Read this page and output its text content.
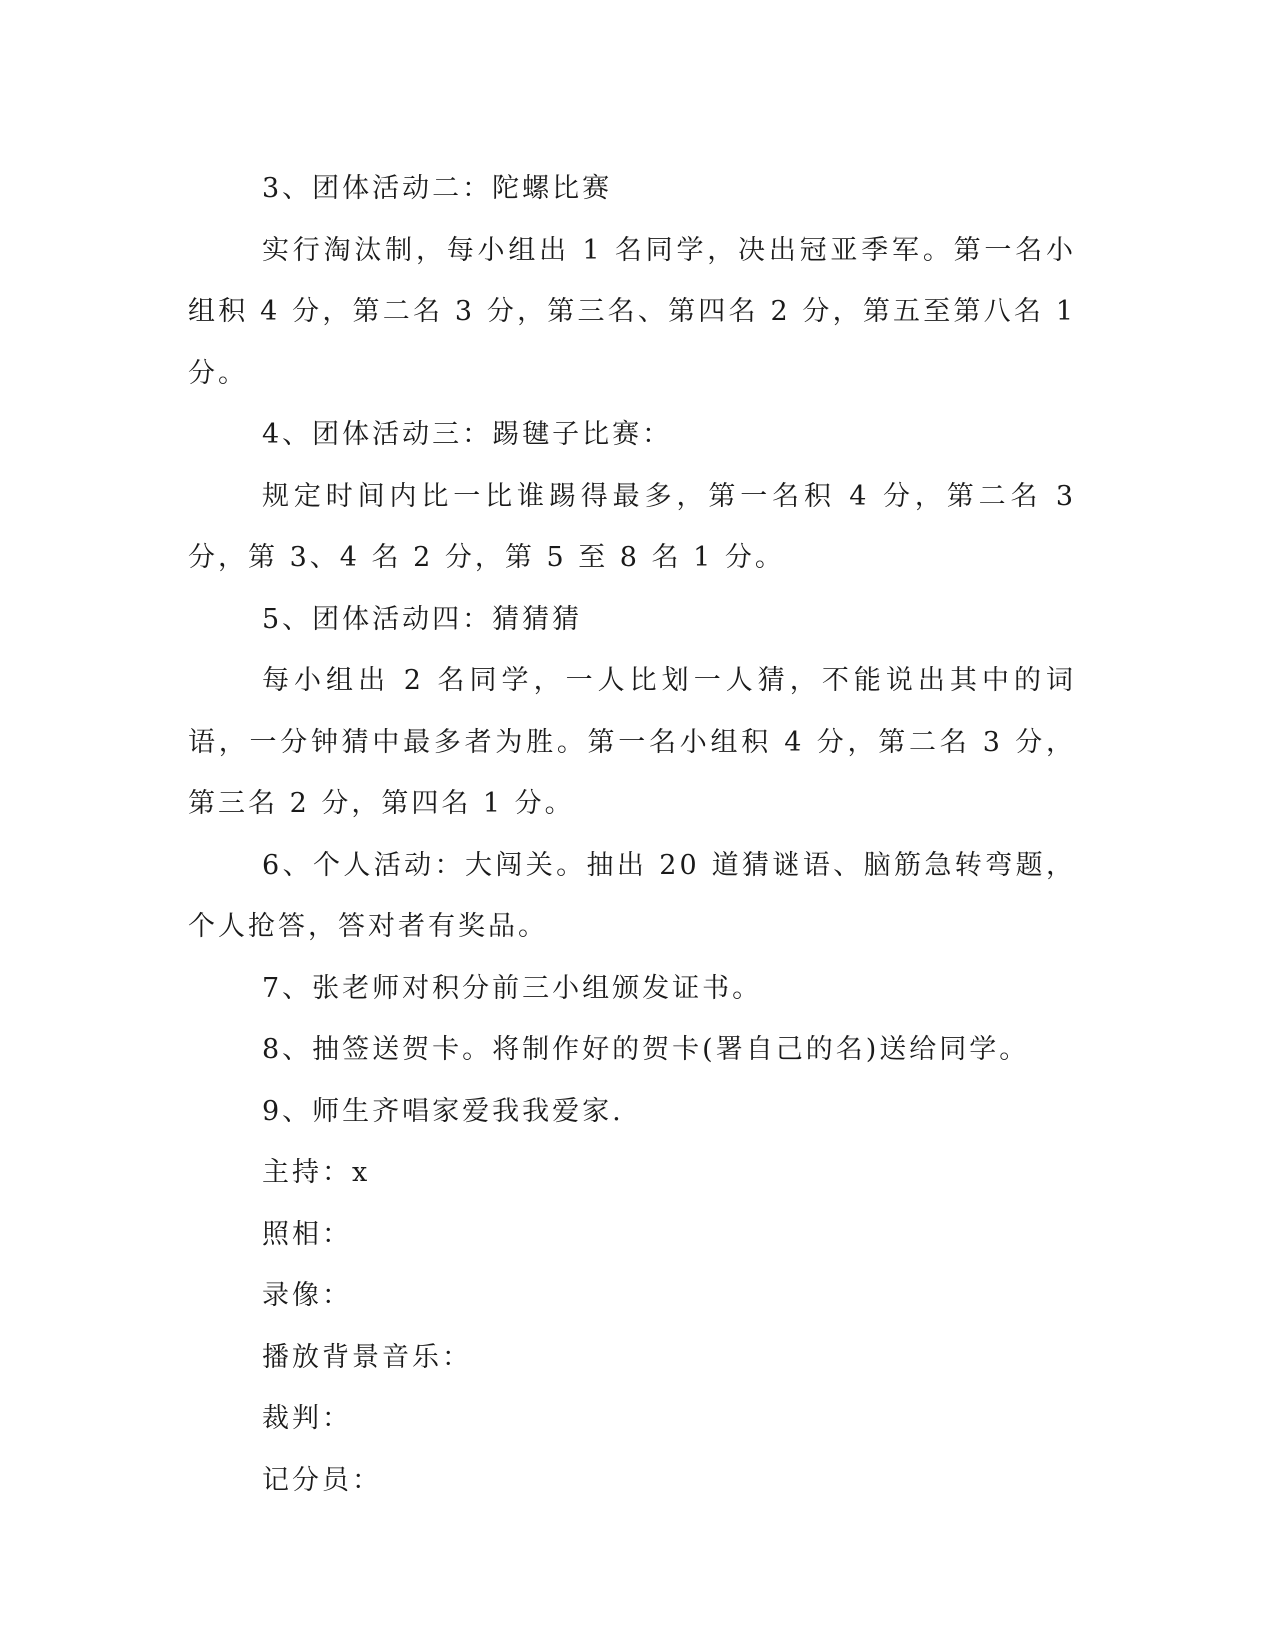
3、团体活动二：陀螺比赛

实行淘汰制，每小组出 1 名同学，决出冠亚季军。第一名小组积 4 分，第二名 3 分，第三名、第四名 2 分，第五至第八名 1 分。

4、团体活动三：踢毽子比赛：

规定时间内比一比谁踢得最多，第一名积 4 分，第二名 3 分，第 3、4 名 2 分，第 5 至 8 名 1 分。

5、团体活动四：猜猜猜

每小组出 2 名同学，一人比划一人猜，不能说出其中的词语，一分钟猜中最多者为胜。第一名小组积 4 分，第二名 3 分，第三名 2 分，第四名 1 分。

6、个人活动：大闯关。抽出 20 道猜谜语、脑筋急转弯题，个人抢答，答对者有奖品。

7、张老师对积分前三小组颁发证书。

8、抽签送贺卡。将制作好的贺卡(署自己的名)送给同学。

9、师生齐唱家爱我我爱家.

主持：x

照相：

录像：

播放背景音乐：

裁判：

记分员：
